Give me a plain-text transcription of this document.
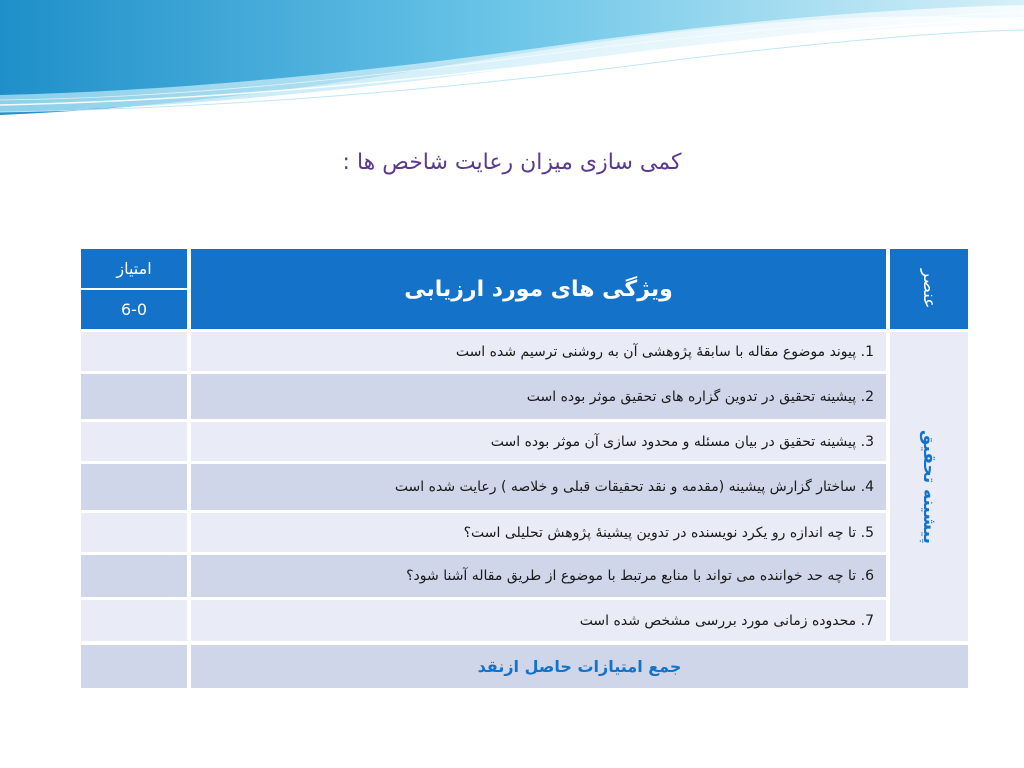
کمی سازی میزان رعایت شاخص ها :
عنصر
ویژگی های مورد ارزیابی
امتیاز
6-0
پیشینه تحقیق
1.

پیوند موضوع مقاله با سابقۀ پژوهشی آن به روشنی ترسیم شده است
2.

پیشینه تحقیق در تدوین گزاره های تحقیق موثر بوده است
3.

پیشینه تحقیق در بیان مسئله و محدود سازی آن موثر بوده است
4.

ساختار گزارش پیشینه (مقدمه و نقد تحقیقات قبلی و خلاصه ) رعایت شده است
5.

تا چه اندازه رو یکرد نویسنده در تدوین پیشینۀ پژوهش تحلیلی است؟
6.

تا چه حد خواننده می تواند با منابع مرتبط با موضوع از طریق مقاله آشنا شود؟
7.

محدوده زمانی مورد بررسی مشخص شده است
جمع امتیازات حاصل ازنقد
